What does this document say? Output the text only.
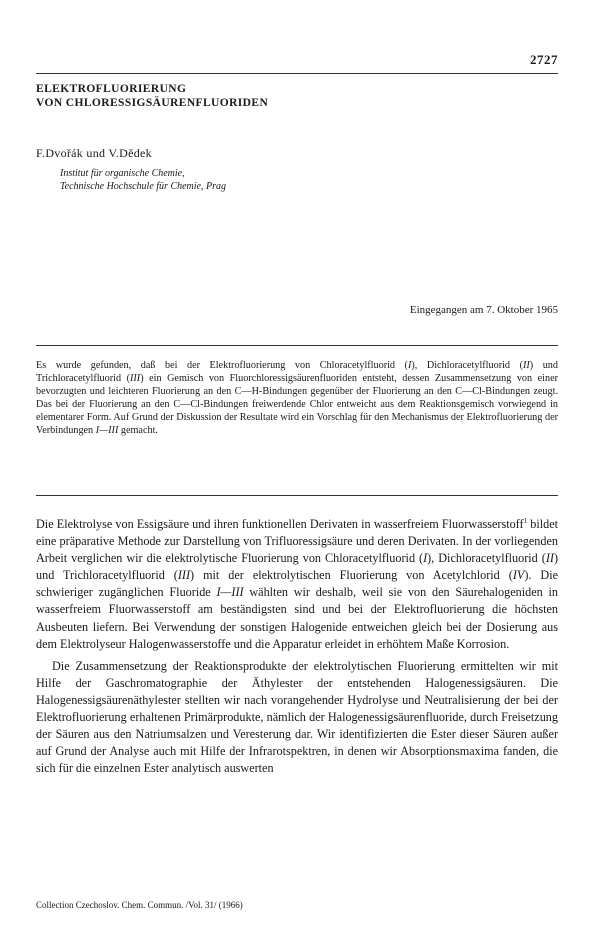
2727
ELEKTROFLUORIERUNG
VON CHLORESSIGSÄURENFLUORIDEN
F.Dvořák und V.Dědek
Institut für organische Chemie,
Technische Hochschule für Chemie, Prag
Eingegangen am 7. Oktober 1965
Es wurde gefunden, daß bei der Elektrofluorierung von Chloracetylfluorid (I), Dichloracetylfluorid (II) und Trichloracetylfluorid (III) ein Gemisch von Fluorchloressigsäurenfluoriden entsteht, dessen Zusammensetzung von einer bevorzugten und leichteren Fluorierung an den C—H-Bindungen gegenüber der Fluorierung an den C—Cl-Bindungen zeugt. Das bei der Fluorierung an den C—Cl-Bindungen freiwerdende Chlor entweicht aus dem Reaktionsgemisch vorwiegend in elementarer Form. Auf Grund der Diskussion der Resultate wird ein Vorschlag für den Mechanismus der Elektrofluorierung der Verbindungen I—III gemacht.

Die Elektrolyse von Essigsäure und ihren funktionellen Derivaten in wasserfreiem Fluorwasserstoff$^1$ bildet eine präparative Methode zur Darstellung von Trifluoressigsäure und deren Derivaten. In der vorliegenden Arbeit verglichen wir die elektrolytische Fluorierung von Chloracetylfluorid (I), Dichloracetylfluorid (II) und Trichloracetylfluorid (III) mit der elektrolytischen Fluorierung von Acetylchlorid (IV). Die schwieriger zugänglichen Fluoride I—III wählten wir deshalb, weil sie von den Säurehalogeniden in wasserfreiem Fluorwasserstoff am beständigsten sind und bei der Elektrofluorierung die höchsten Ausbeuten liefern. Bei Verwendung der sonstigen Halogenide entweichen gleich bei der Dosierung aus dem Elektrolyseur Halogenwasserstoffe und die Apparatur erleidet in erhöhtem Maße Korrosion.

Die Zusammensetzung der Reaktionsprodukte der elektrolytischen Fluorierung ermittelten wir mit Hilfe der Gaschromatographie der Äthylester der entstehenden Halogenessigsäuren. Die Halogenessigsäurenäthylester stellten wir nach vorangehender Hydrolyse und Neutralisierung der bei der Elektrofluorierung erhaltenen Primärprodukte, nämlich der Halogenessigsäurenfluoride, durch Freisetzung der Säuren aus den Natriumsalzen und Veresterung dar. Wir identifizierten die Ester dieser Säuren außer auf Grund der Analyse auch mit Hilfe der Infrarotspektren, in denen wir Absorptionsmaxima fanden, die sich für die einzelnen Ester analytisch auswerten

Collection Czechoslov. Chem. Commun. /Vol. 31/ (1966)
